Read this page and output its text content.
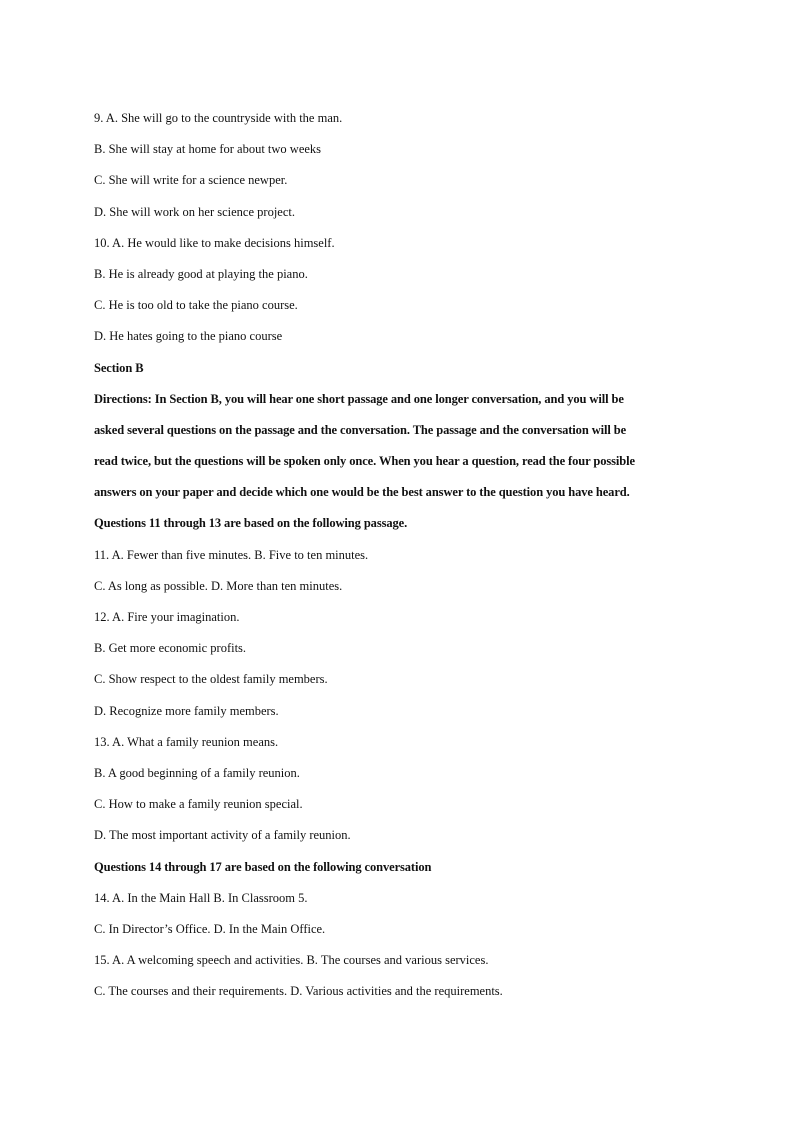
9. A. She will go to the countryside with the man.
B. She will stay at home for about two weeks
C. She will write for a science newper.
D. She will work on her science project.
10. A. He would like to make decisions himself.
B. He is already good at playing the piano.
C. He is too old to take the piano course.
D. He hates going to the piano course
Section B
Directions: In Section B, you will hear one short passage and one longer conversation, and you will be
asked several questions on the passage and the conversation. The passage and the conversation will be
read twice, but the questions will be spoken only once. When you hear a question, read the four possible
answers on your paper and decide which one would be the best answer to the question you have heard.
Questions 11 through 13 are based on the following passage.
11. A. Fewer than five minutes. B. Five to ten minutes.
C. As long as possible. D. More than ten minutes.
12. A. Fire your imagination.
B. Get more economic profits.
C. Show respect to the oldest family members.
D. Recognize more family members.
13. A. What a family reunion means.
B. A good beginning of a family reunion.
C. How to make a family reunion special.
D. The most important activity of a family reunion.
Questions 14 through 17 are based on the following conversation
14. A. In the Main Hall B. In Classroom 5.
C. In Director’s Office. D. In the Main Office.
15. A. A welcoming speech and activities. B. The courses and various services.
C. The courses and their requirements. D. Various activities and the requirements.
